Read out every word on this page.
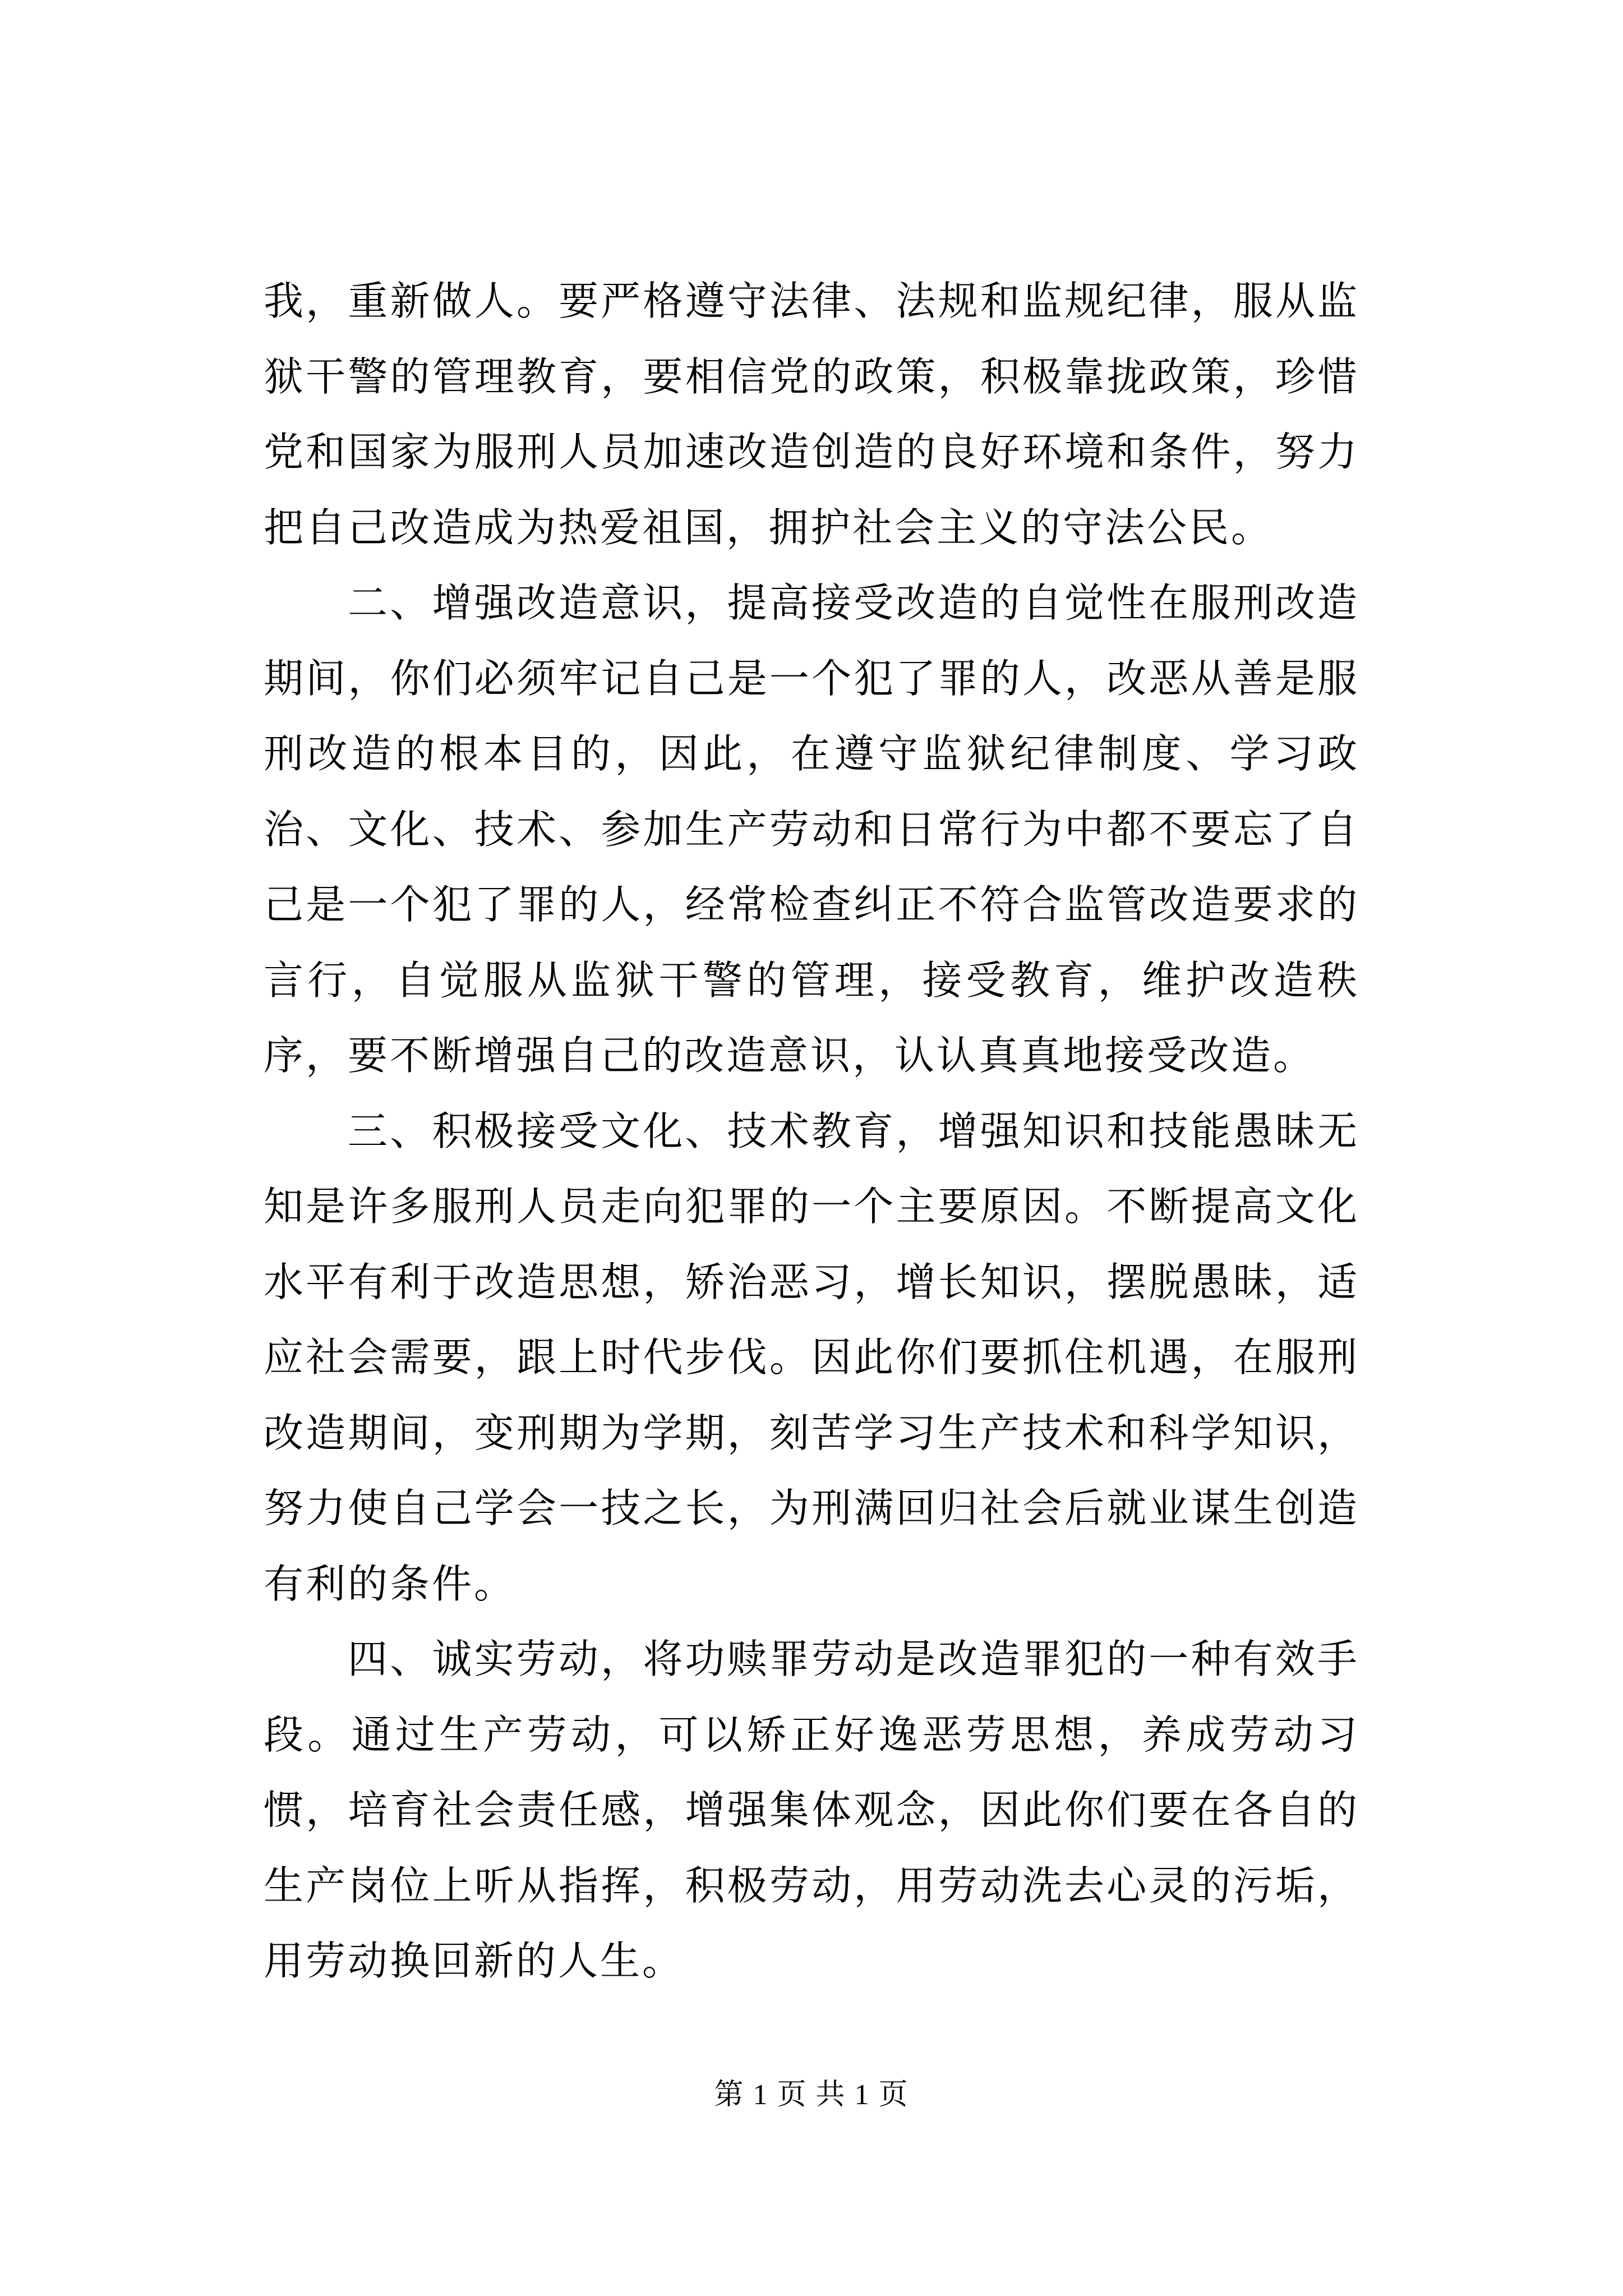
我，重新做人。要严格遵守法律、法规和监规纪律，服从监狱干警的管理教育，要相信党的政策，积极靠拢政策，珍惜党和国家为服刑人员加速改造创造的良好环境和条件，努力把自己改造成为热爱祖国，拥护社会主义的守法公民。

二、增强改造意识，提高接受改造的自觉性在服刑改造期间，你们必须牢记自己是一个犯了罪的人，改恶从善是服刑改造的根本目的，因此，在遵守监狱纪律制度、学习政治、文化、技术、参加生产劳动和日常行为中都不要忘了自己是一个犯了罪的人，经常检查纠正不符合监管改造要求的言行，自觉服从监狱干警的管理，接受教育，维护改造秩序，要不断增强自己的改造意识，认认真真地接受改造。

三、积极接受文化、技术教育，增强知识和技能愚昧无知是许多服刑人员走向犯罪的一个主要原因。不断提高文化水平有利于改造思想，矫治恶习，增长知识，摆脱愚昧，适应社会需要，跟上时代步伐。因此你们要抓住机遇，在服刑改造期间，变刑期为学期，刻苦学习生产技术和科学知识，努力使自己学会一技之长，为刑满回归社会后就业谋生创造有利的条件。

四、诚实劳动，将功赎罪劳动是改造罪犯的一种有效手段。通过生产劳动，可以矫正好逸恶劳思想，养成劳动习惯，培育社会责任感，增强集体观念，因此你们要在各自的生产岗位上听从指挥，积极劳动，用劳动洗去心灵的污垢，用劳动换回新的人生。

第 1 页 共 1 页
